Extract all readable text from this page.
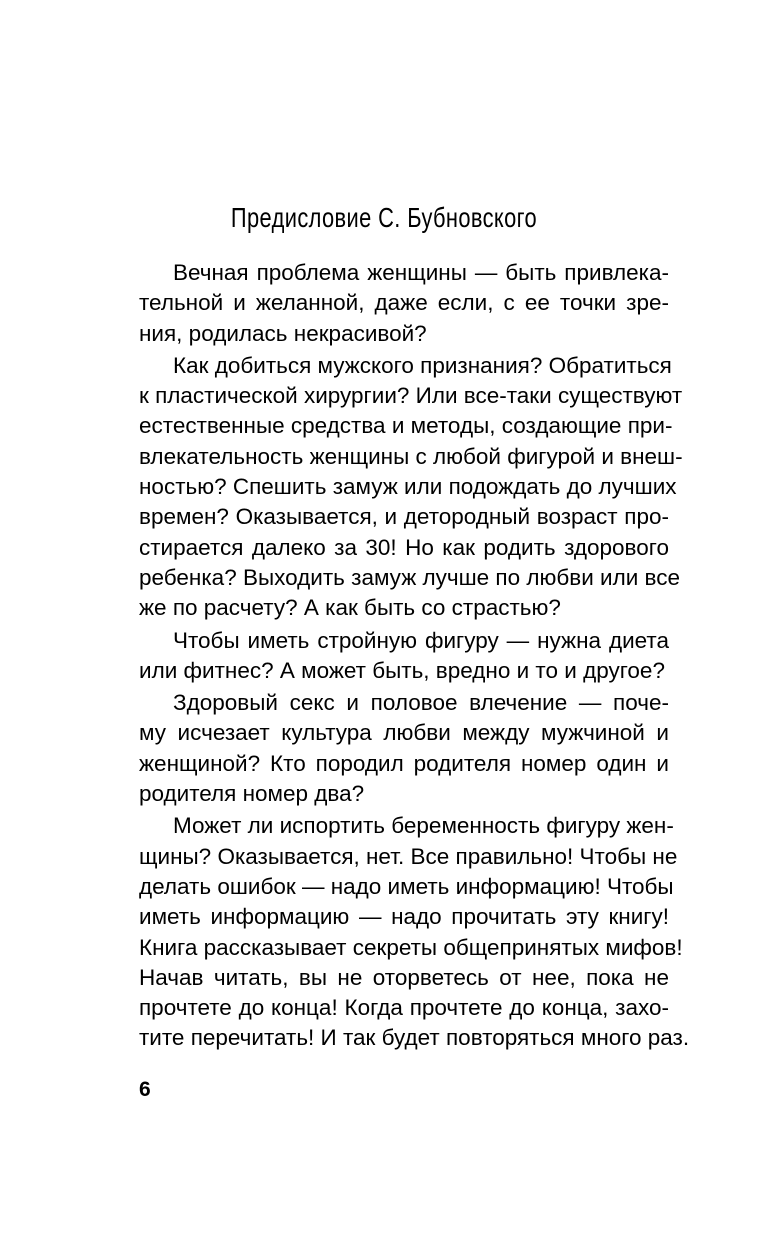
Предисловие С. Бубновского
Вечная проблема женщины — быть привлека-
тельной и желанной, даже если, с ее точки зре-
ния, родилась некрасивой?
Как добиться мужского признания? Обратиться
к пластической хирургии? Или все-таки существуют
естественные средства и методы, создающие при-
влекательность женщины с любой фигурой и внеш-
ностью? Спешить замуж или подождать до лучших
времен? Оказывается, и детородный возраст про-
стирается далеко за 30! Но как родить здорового
ребенка? Выходить замуж лучше по любви или все
же по расчету? А как быть со страстью?
Чтобы иметь стройную фигуру — нужна диета
или фитнес? А может быть, вредно и то и другое?
Здоровый секс и половое влечение — поче-
му исчезает культура любви между мужчиной и
женщиной? Кто породил родителя номер один и
родителя номер два?
Может ли испортить беременность фигуру жен-
щины? Оказывается, нет. Все правильно! Чтобы не
делать ошибок — надо иметь информацию! Чтобы
иметь информацию — надо прочитать эту книгу!
Книга рассказывает секреты общепринятых мифов!
Начав читать, вы не оторветесь от нее, пока не
прочтете до конца! Когда прочтете до конца, захо-
тите перечитать! И так будет повторяться много раз.
6
